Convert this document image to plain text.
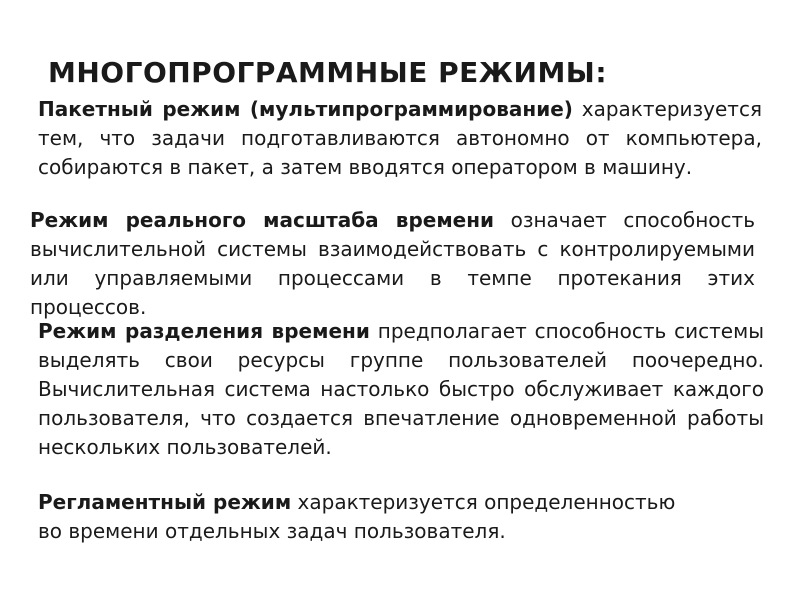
МНОГОПРОГРАММНЫЕ РЕЖИМЫ:

Пакетный режим (мультипрограммирование) характеризуется тем, что задачи подготавливаются автономно от компьютера, собираются в пакет, а затем вводятся оператором в машину.

Режим реального масштаба времени означает способность вычислительной системы взаимодействовать с контролируемыми или управляемыми процессами в темпе протекания этих процессов.

Режим разделения времени предполагает способность системы выделять свои ресурсы группе пользователей поочередно. Вычислительная система настолько быстро обслуживает каждого пользователя, что создается впечатление одновременной работы нескольких пользователей.

Регламентный режим характеризуется определенностью во времени отдельных задач пользователя.
